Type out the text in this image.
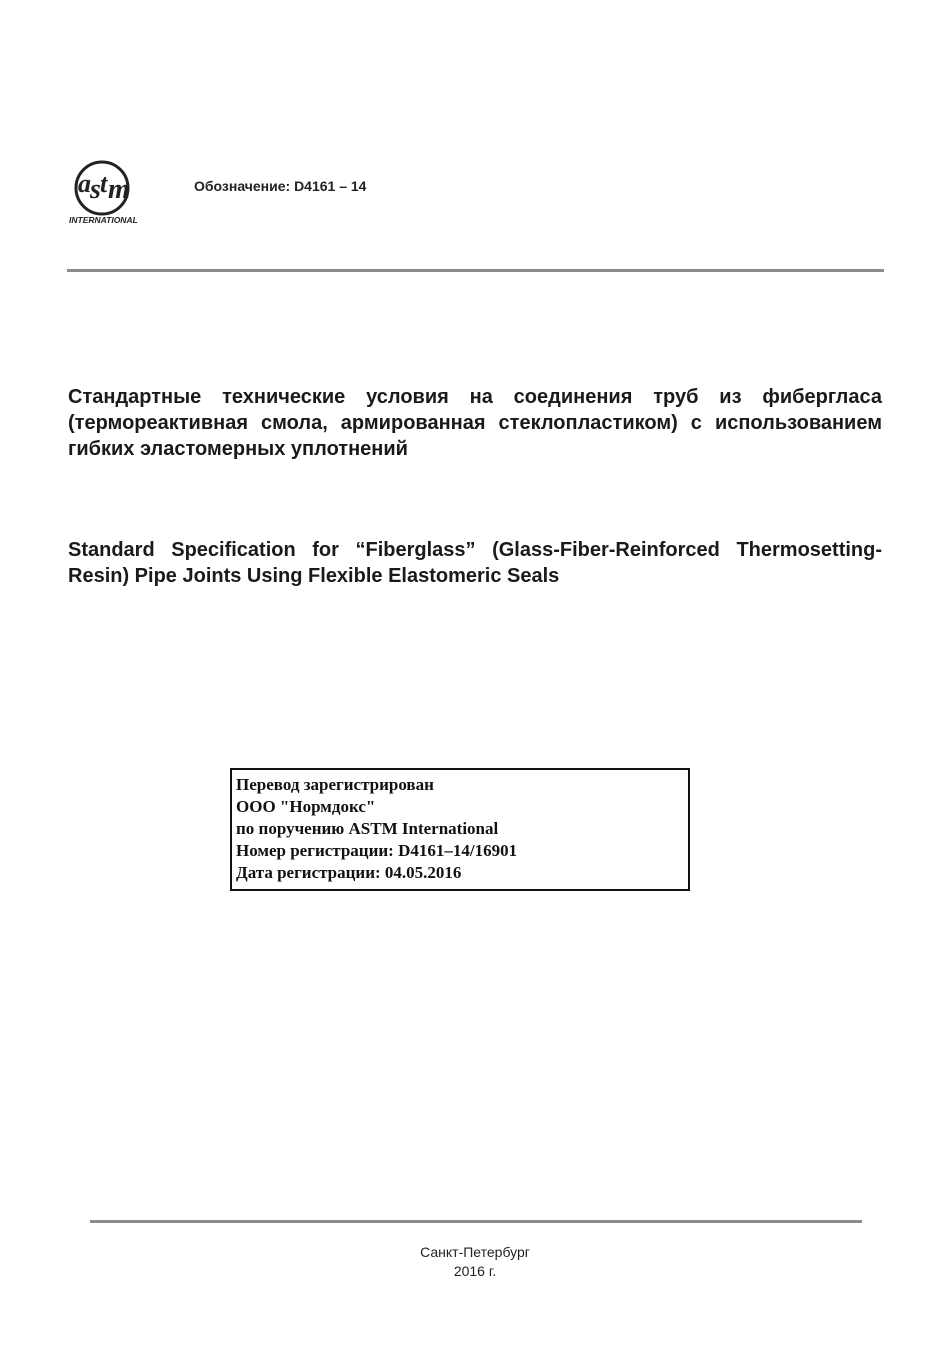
a s t m
INTERNATIONAL
Обозначение: D4161 – 14
Стандартные технические условия на соединения труб из фибергласа (термореактивная смола, армированная стеклопластиком) с использованием гибких эластомерных уплотнений
Standard Specification for “Fiberglass” (Glass-Fiber-Reinforced Thermosetting-Resin) Pipe Joints Using Flexible Elastomeric Seals
Перевод зарегистрирован
ООО "Нормдокс"
по поручению ASTM International
Номер регистрации: D4161–14/16901
Дата регистрации: 04.05.2016
Санкт-Петербург
2016 г.
